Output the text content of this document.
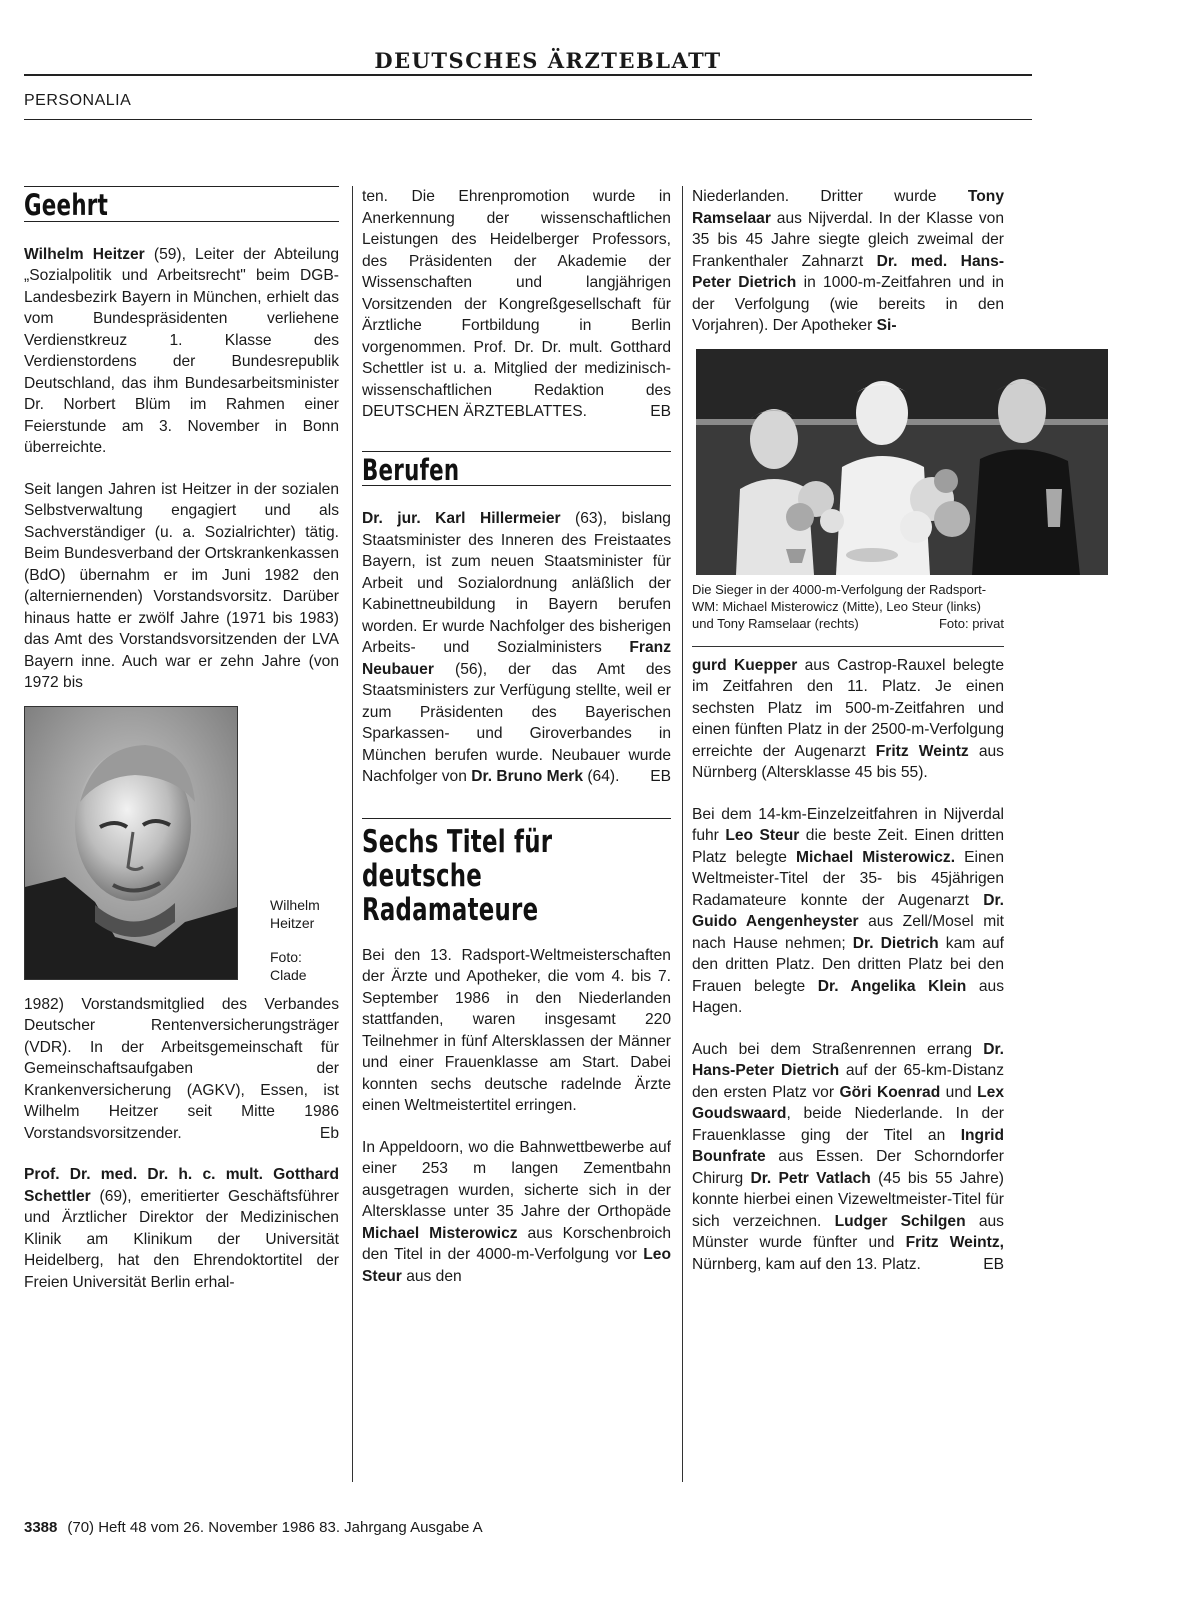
DEUTSCHES ÄRZTEBLATT
PERSONALIA
Geehrt

Wilhelm Heitzer (59), Leiter der Abteilung „Sozialpolitik und Arbeitsrecht" beim DGB-Landesbezirk Bayern in München, erhielt das vom Bundespräsidenten verliehene Verdienstkreuz 1. Klasse des Verdienstordens der Bundesrepublik Deutschland, das ihm Bundesarbeitsminister Dr. Norbert Blüm im Rahmen einer Feierstunde am 3. November in Bonn überreichte.

Seit langen Jahren ist Heitzer in der sozialen Selbstverwaltung engagiert und als Sachverständiger (u. a. Sozialrichter) tätig. Beim Bundesverband der Ortskrankenkassen (BdO) übernahm er im Juni 1982 den (alterniernenden) Vorstandsvorsitz. Darüber hinaus hatte er zwölf Jahre (1971 bis 1983) das Amt des Vorstandsvorsitzenden der LVA Bayern inne. Auch war er zehn Jahre (von 1972 bis

Wilhelm Heitzer
Foto: Clade

1982) Vorstandsmitglied des Verbandes Deutscher Rentenversicherungsträger (VDR). In der Arbeitsgemeinschaft für Gemeinschaftsaufgaben der Krankenversicherung (AGKV), Essen, ist Wilhelm Heitzer seit Mitte 1986 Vorstandsvorsitzender.	Eb

Prof. Dr. med. Dr. h. c. mult. Gotthard Schettler (69), emeritierter Geschäftsführer und Ärztlicher Direktor der Medizinischen Klinik am Klinikum der Universität Heidelberg, hat den Ehrendoktortitel der Freien Universität Berlin erhal-

ten. Die Ehrenpromotion wurde in Anerkennung der wissenschaftlichen Leistungen des Heidelberger Professors, des Präsidenten der Akademie der Wissenschaften und langjährigen Vorsitzenden der Kongreßgesellschaft für Ärztliche Fortbildung in Berlin vorgenommen. Prof. Dr. Dr. mult. Gotthard Schettler ist u. a. Mitglied der medizinisch-wissenschaftlichen Redaktion des DEUTSCHEN ÄRZTEBLATTES.	EB

Berufen

Dr. jur. Karl Hillermeier (63), bislang Staatsminister des Inneren des Freistaates Bayern, ist zum neuen Staatsminister für Arbeit und Sozialordnung anläßlich der Kabinettneubildung in Bayern berufen worden. Er wurde Nachfolger des bisherigen Arbeits- und Sozialministers Franz Neubauer (56), der das Amt des Staatsministers zur Verfügung stellte, weil er zum Präsidenten des Bayerischen Sparkassen- und Giroverbandes in München berufen wurde. Neubauer wurde Nachfolger von Dr. Bruno Merk (64). EB

Sechs Titel für deutsche Radamateure

Bei den 13. Radsport-Weltmeisterschaften der Ärzte und Apotheker, die vom 4. bis 7. September 1986 in den Niederlanden stattfanden, waren insgesamt 220 Teilnehmer in fünf Altersklassen der Männer und einer Frauenklasse am Start. Dabei konnten sechs deutsche radelnde Ärzte einen Weltmeistertitel erringen.

In Appeldoorn, wo die Bahnwettbewerbe auf einer 253 m langen Zementbahn ausgetragen wurden, sicherte sich in der Altersklasse unter 35 Jahre der Orthopäde Michael Misterowicz aus Korschenbroich den Titel in der 4000-m-Verfolgung vor Leo Steur aus den

Niederlanden. Dritter wurde Tony Ramselaar aus Nijverdal. In der Klasse von 35 bis 45 Jahre siegte gleich zweimal der Frankenthaler Zahnarzt Dr. med. Hans-Peter Dietrich in 1000-m-Zeitfahren und in der Verfolgung (wie bereits in den Vorjahren). Der Apotheker Si-

Die Sieger in der 4000-m-Verfolgung der Radsport-WM: Michael Misterowicz (Mitte), Leo Steur (links) und Tony Ramselaar (rechts)	Foto: privat

gurd Kuepper aus Castrop-Rauxel belegte im Zeitfahren den 11. Platz. Je einen sechsten Platz im 500-m-Zeitfahren und einen fünften Platz in der 2500-m-Verfolgung erreichte der Augenarzt Fritz Weintz aus Nürnberg (Altersklasse 45 bis 55).

Bei dem 14-km-Einzelzeitfahren in Nijverdal fuhr Leo Steur die beste Zeit. Einen dritten Platz belegte Michael Misterowicz. Einen Weltmeister-Titel der 35- bis 45jährigen Radamateure konnte der Augenarzt Dr. Guido Aengenheyster aus Zell/Mosel mit nach Hause nehmen; Dr. Dietrich kam auf den dritten Platz. Den dritten Platz bei den Frauen belegte Dr. Angelika Klein aus Hagen.

Auch bei dem Straßenrennen errang Dr. Hans-Peter Dietrich auf der 65-km-Distanz den ersten Platz vor Göri Koenrad und Lex Goudswaard, beide Niederlande. In der Frauenklasse ging der Titel an Ingrid Bounfrate aus Essen. Der Schorndorfer Chirurg Dr. Petr Vatlach (45 bis 55 Jahre) konnte hierbei einen Vizeweltmeister-Titel für sich verzeichnen. Ludger Schilgen aus Münster wurde fünfter und Fritz Weintz, Nürnberg, kam auf den 13. Platz.	EB

3388 (70) Heft 48 vom 26. November 1986 83. Jahrgang Ausgabe A
